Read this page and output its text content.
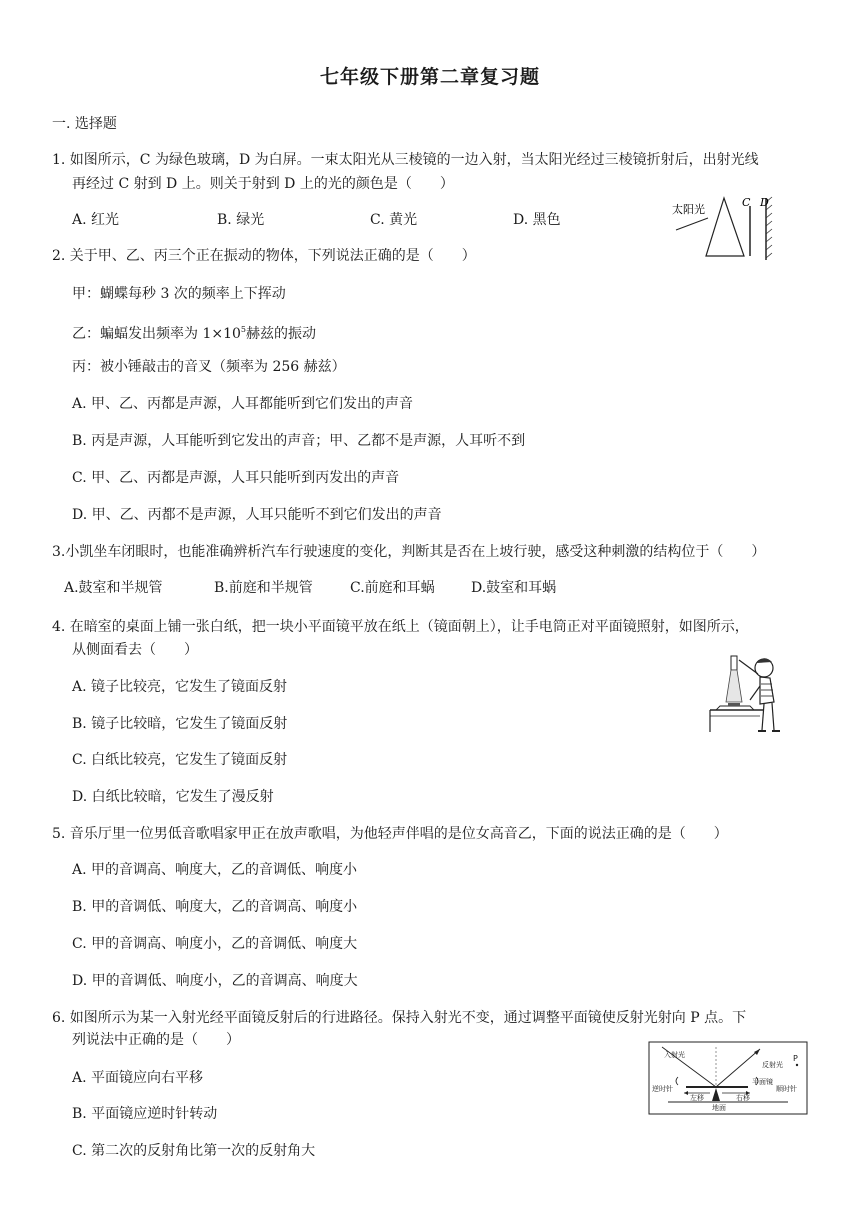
七年级下册第二章复习题
一. 选择题
1. 如图所示，C 为绿色玻璃，D 为白屏。一束太阳光从三棱镜的一边入射，当太阳光经过三棱镜折射后，出射光线
再经过 C 射到 D 上。则关于射到 D 上的光的颜色是（　　）
A. 红光	B. 绿光	C. 黄光	D. 黑色
太阳光
C D
2. 关于甲、乙、丙三个正在振动的物体，下列说法正确的是（　　）
甲：蝴蝶每秒 3 次的频率上下挥动
乙：蝙蝠发出频率为 $1\times 10^5$赫兹的振动
丙：被小锤敲击的音叉（频率为 256 赫兹）
A. 甲、乙、丙都是声源，人耳都能听到它们发出的声音
B. 丙是声源，人耳能听到它发出的声音；甲、乙都不是声源，人耳听不到
C. 甲、乙、丙都是声源，人耳只能听到丙发出的声音
D. 甲、乙、丙都不是声源，人耳只能听不到它们发出的声音
3.小凯坐车闭眼时，也能准确辨析汽车行驶速度的变化，判断其是否在上坡行驶，感受这种刺激的结构位于（　　）
A.鼓室和半规管	B.前庭和半规管	C.前庭和耳蜗	D.鼓室和耳蜗
4. 在暗室的桌面上铺一张白纸，把一块小平面镜平放在纸上（镜面朝上），让手电筒正对平面镜照射，如图所示，
从侧面看去（　　）
A. 镜子比较亮，它发生了镜面反射
B. 镜子比较暗，它发生了镜面反射
C. 白纸比较亮，它发生了镜面反射
D. 白纸比较暗，它发生了漫反射
5. 音乐厅里一位男低音歌唱家甲正在放声歌唱，为他轻声伴唱的是位女高音乙，下面的说法正确的是（　　）
A. 甲的音调高、响度大，乙的音调低、响度小
B. 甲的音调低、响度大，乙的音调高、响度小
C. 甲的音调高、响度小，乙的音调低、响度大
D. 甲的音调低、响度小，乙的音调高、响度大
6. 如图所示为某一入射光经平面镜反射后的行进路径。保持入射光不变，通过调整平面镜使反射光射向 P 点。下
列说法中正确的是（　　）
A. 平面镜应向右平移
B. 平面镜应逆时针转动
C. 第二次的反射角比第一次的反射角大
入射光
反射光
P
平面镜
逆时针	顺时针
左移	右移
地面
